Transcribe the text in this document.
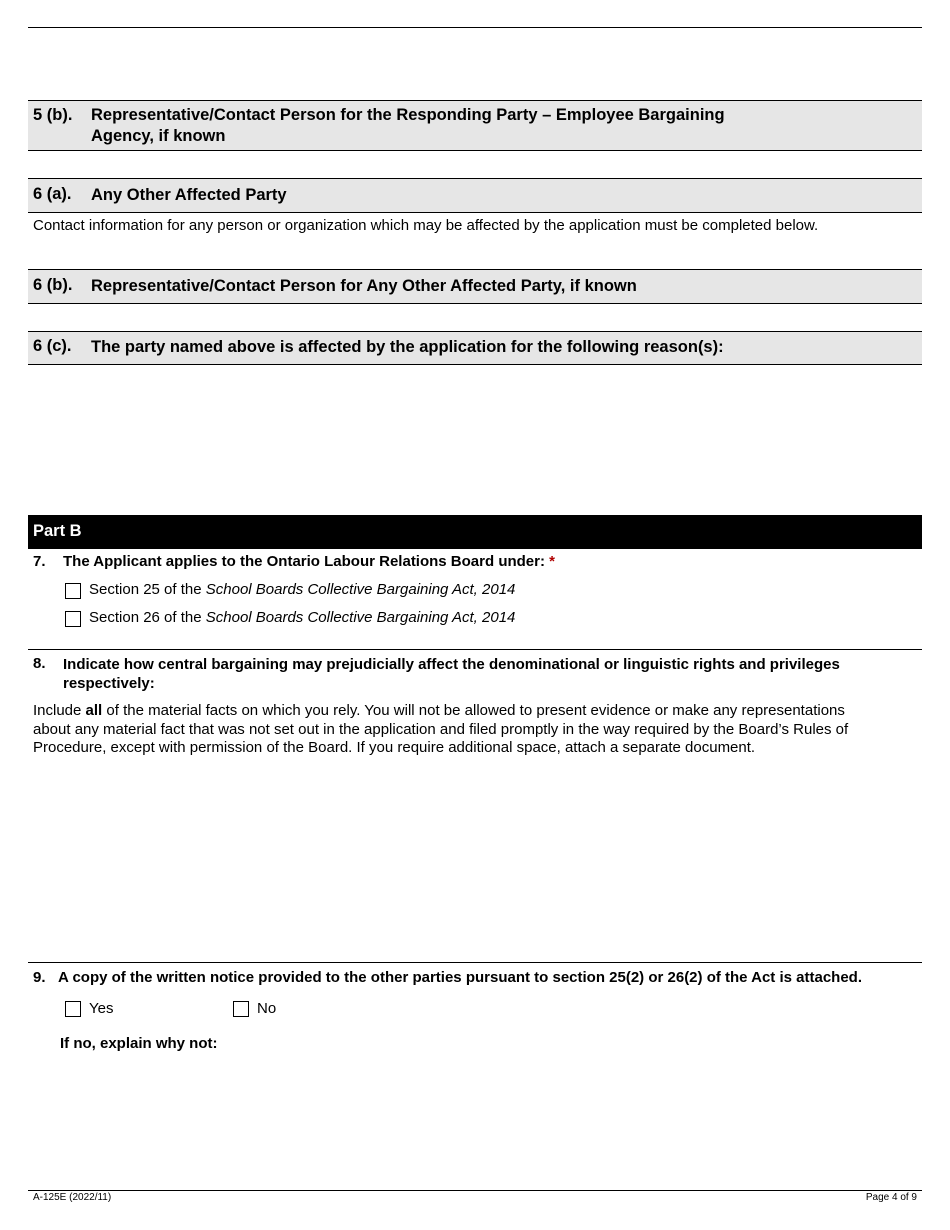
5 (b). Representative/Contact Person for the Responding Party – Employee Bargaining
Agency, if known
6 (a). Any Other Affected Party
Contact information for any person or organization which may be affected by the application must be completed below.
6 (b). Representative/Contact Person for Any Other Affected Party, if known
6 (c). The party named above is affected by the application for the following reason(s):
Part B
7. The Applicant applies to the Ontario Labour Relations Board under: *
Section 25 of the School Boards Collective Bargaining Act, 2014
Section 26 of the School Boards Collective Bargaining Act, 2014
8. Indicate how central bargaining may prejudicially affect the denominational or linguistic rights and privileges
respectively:
Include all of the material facts on which you rely. You will not be allowed to present evidence or make any representations
about any material fact that was not set out in the application and filed promptly in the way required by the Board’s Rules of
Procedure, except with permission of the Board. If you require additional space, attach a separate document.
9. A copy of the written notice provided to the other parties pursuant to section 25(2) or 26(2) of the Act is attached.
Yes	No
If no, explain why not:
A-125E (2022/11)	Page 4 of 9
